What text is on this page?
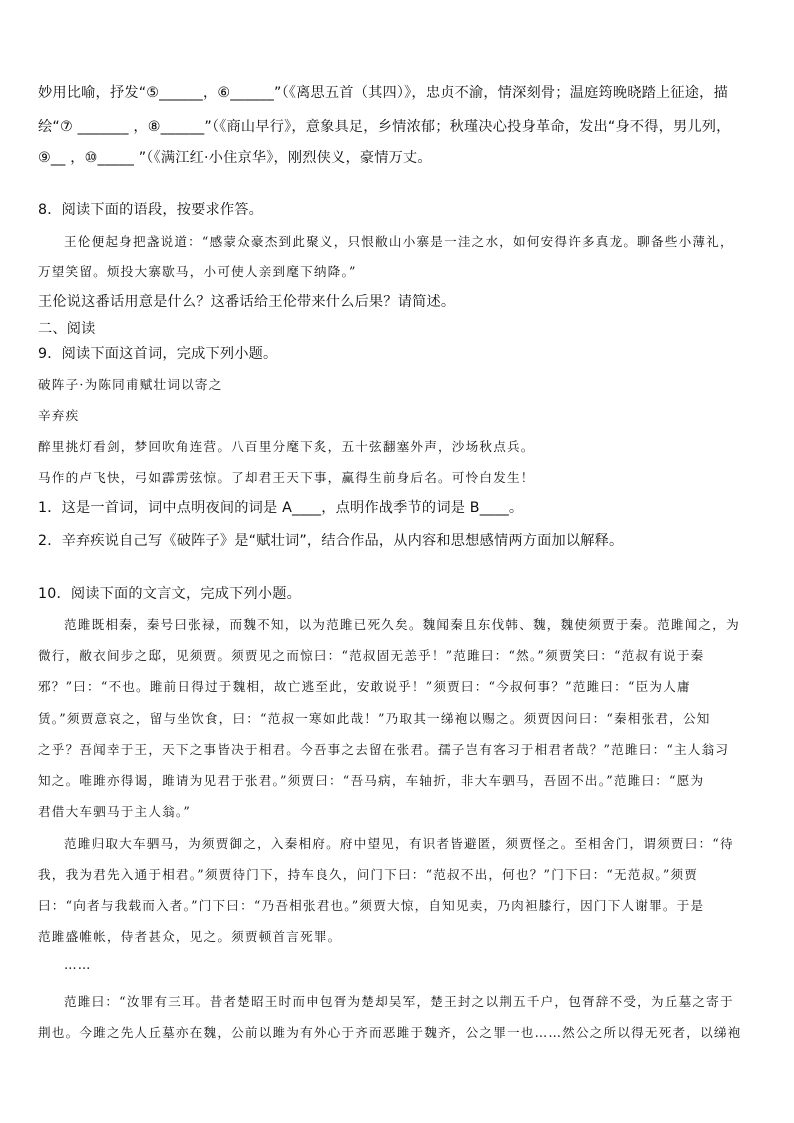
妙用比喻，抒发“⑤______，⑥______”（《离思五首（其四）》，忠贞不渝，情深刻骨；温庭筠晚晓踏上征途，描
绘“⑦ _______ ，⑧______”（《商山早行》，意象具足，乡情浓郁；秋瑾决心投身革命，发出“身不得，男儿列，
⑨__ ，⑩_____ ”（《满江红·小住京华》，刚烈侠义，豪情万丈。
8．阅读下面的语段，按要求作答。
王伦便起身把盏说道：“感蒙众豪杰到此聚义，只恨敝山小寨是一洼之水，如何安得许多真龙。聊备些小薄礼，
万望笑留。烦投大寨歇马，小可使人亲到麾下纳降。”
王伦说这番话用意是什么？这番话给王伦带来什么后果？请简述。
二、阅读
9．阅读下面这首词，完成下列小题。
破阵子·为陈同甫赋壮词以寄之
辛弃疾
醉里挑灯看剑，梦回吹角连营。八百里分麾下炙，五十弦翻塞外声，沙场秋点兵。
马作的卢飞快，弓如霹雳弦惊。了却君王天下事，赢得生前身后名。可怜白发生！
1．这是一首词，词中点明夜间的词是 A____，点明作战季节的词是 B____。
2．辛弃疾说自己写《破阵子》是“赋壮词”，结合作品，从内容和思想感情两方面加以解释。
10．阅读下面的文言文，完成下列小题。
范雎既相秦，秦号曰张禄，而魏不知，以为范雎已死久矣。魏闻秦且东伐韩、魏，魏使须贾于秦。范雎闻之，为
微行，敝衣间步之邸，见须贾。须贾见之而惊曰：“范叔固无恙乎！”范雎曰：“然。”须贾笑曰：“范叔有说于秦
邪？”曰：“不也。雎前日得过于魏相，故亡逃至此，安敢说乎！”须贾曰：“今叔何事？”范雎曰：“臣为人庸
赁。”须贾意哀之，留与坐饮食，曰：“范叔一寒如此哉！”乃取其一绨袍以赐之。须贾因问曰：“秦相张君，公知
之乎？吾闻幸于王，天下之事皆决于相君。今吾事之去留在张君。孺子岂有客习于相君者哉？”范雎曰：“主人翁习
知之。唯雎亦得谒，雎请为见君于张君。”须贾曰：“吾马病，车轴折，非大车驷马，吾固不出。”范雎曰：“愿为
君借大车驷马于主人翁。”
范雎归取大车驷马，为须贾御之，入秦相府。府中望见，有识者皆避匿，须贾怪之。至相舍门，谓须贾曰：“待
我，我为君先入通于相君。”须贾待门下，持车良久，问门下曰：“范叔不出，何也？”门下曰：“无范叔。”须贾
曰：“向者与我载而入者。”门下曰：“乃吾相张君也。”须贾大惊，自知见卖，乃肉袒膝行，因门下人谢罪。于是
范雎盛帷帐，侍者甚众，见之。须贾顿首言死罪。
……
范雎曰：“汝罪有三耳。昔者楚昭王时而申包胥为楚却吴军，楚王封之以荆五千户，包胥辞不受，为丘墓之寄于
荆也。今雎之先人丘墓亦在魏，公前以雎为有外心于齐而恶雎于魏齐，公之罪一也……然公之所以得无死者，以绨袍
